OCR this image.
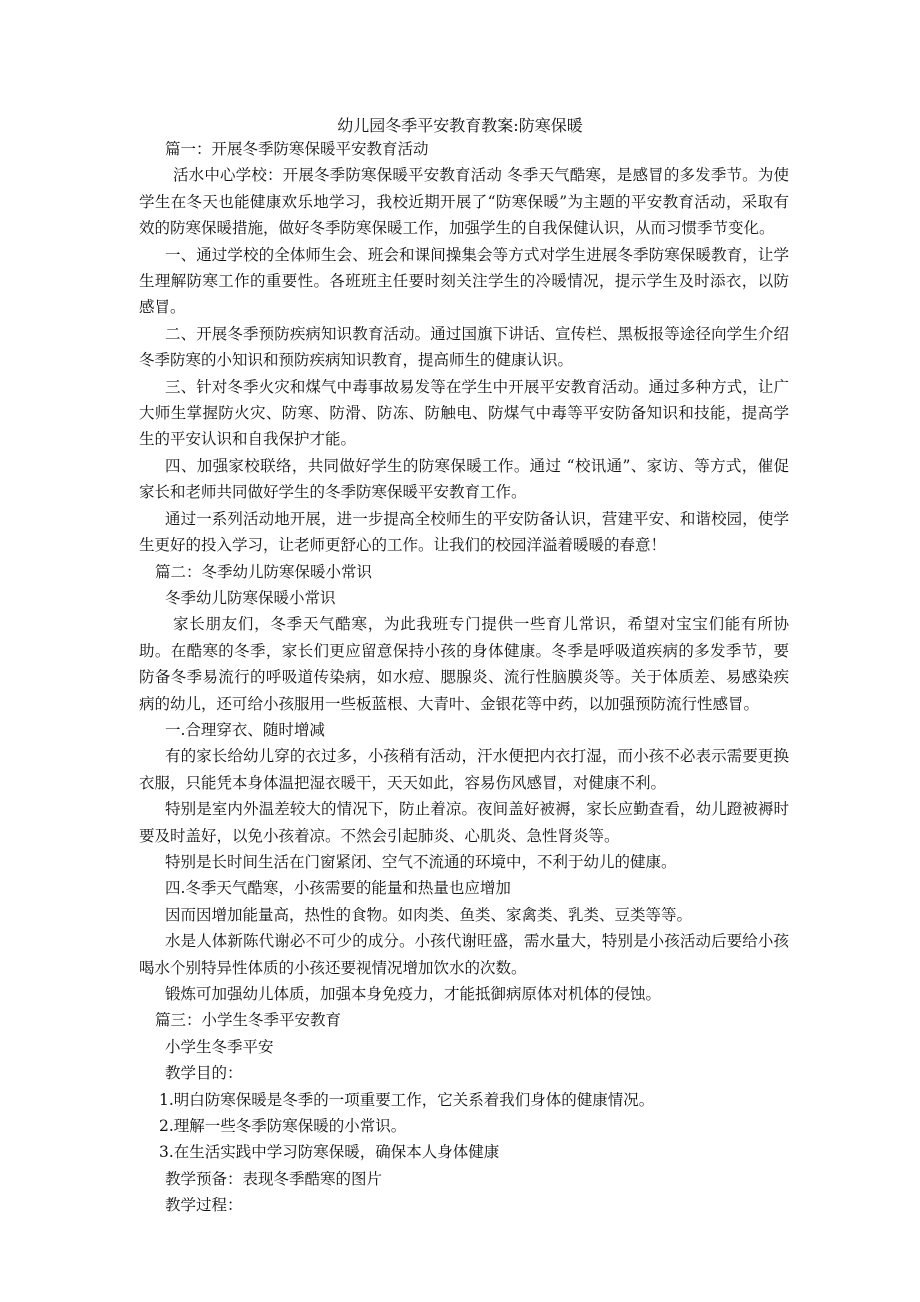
幼儿园冬季平安教育教案:防寒保暖

篇一：开展冬季防寒保暖平安教育活动

活水中心学校：开展冬季防寒保暖平安教育活动 冬季天气酷寒，是感冒的多发季节。为使学生在冬天也能健康欢乐地学习，我校近期开展了“防寒保暖”为主题的平安教育活动，采取有效的防寒保暖措施，做好冬季防寒保暖工作，加强学生的自我保健认识，从而习惯季节变化。

一、通过学校的全体师生会、班会和课间操集会等方式对学生进展冬季防寒保暖教育，让学生理解防寒工作的重要性。各班班主任要时刻关注学生的冷暖情况，提示学生及时添衣，以防感冒。

二、开展冬季预防疾病知识教育活动。通过国旗下讲话、宣传栏、黑板报等途径向学生介绍冬季防寒的小知识和预防疾病知识教育，提高师生的健康认识。

三、针对冬季火灾和煤气中毒事故易发等在学生中开展平安教育活动。通过多种方式，让广大师生掌握防火灾、防寒、防滑、防冻、防触电、防煤气中毒等平安防备知识和技能，提高学生的平安认识和自我保护才能。

四、加强家校联络，共同做好学生的防寒保暖工作。通过 “校讯通”、家访、等方式，催促家长和老师共同做好学生的冬季防寒保暖平安教育工作。

通过一系列活动地开展，进一步提高全校师生的平安防备认识，营建平安、和谐校园，使学生更好的投入学习，让老师更舒心的工作。让我们的校园洋溢着暖暖的春意！

篇二：冬季幼儿防寒保暖小常识

冬季幼儿防寒保暖小常识

家长朋友们，冬季天气酷寒，为此我班专门提供一些育儿常识，希望对宝宝们能有所协助。在酷寒的冬季，家长们更应留意保持小孩的身体健康。冬季是呼吸道疾病的多发季节，要防备冬季易流行的呼吸道传染病，如水痘、腮腺炎、流行性脑膜炎等。关于体质差、易感染疾病的幼儿，还可给小孩服用一些板蓝根、大青叶、金银花等中药，以加强预防流行性感冒。

一.合理穿衣、随时增减

有的家长给幼儿穿的衣过多，小孩稍有活动，汗水便把内衣打湿，而小孩不必表示需要更换衣服，只能凭本身体温把湿衣暖干，天天如此，容易伤风感冒，对健康不利。

特别是室内外温差较大的情况下，防止着凉。夜间盖好被褥，家长应勤查看，幼儿蹬被褥时要及时盖好，以免小孩着凉。不然会引起肺炎、心肌炎、急性肾炎等。

特别是长时间生活在门窗紧闭、空气不流通的环境中，不利于幼儿的健康。

四.冬季天气酷寒，小孩需要的能量和热量也应增加

因而因增加能量高，热性的食物。如肉类、鱼类、家禽类、乳类、豆类等等。

水是人体新陈代谢必不可少的成分。小孩代谢旺盛，需水量大，特别是小孩活动后要给小孩喝水个别特异性体质的小孩还要视情况增加饮水的次数。

锻炼可加强幼儿体质，加强本身免疫力，才能抵御病原体对机体的侵蚀。

篇三：小学生冬季平安教育

小学生冬季平安

教学目的：

1.明白防寒保暖是冬季的一项重要工作，它关系着我们身体的健康情况。

2.理解一些冬季防寒保暖的小常识。

3.在生活实践中学习防寒保暖，确保本人身体健康

教学预备：表现冬季酷寒的图片

教学过程：
